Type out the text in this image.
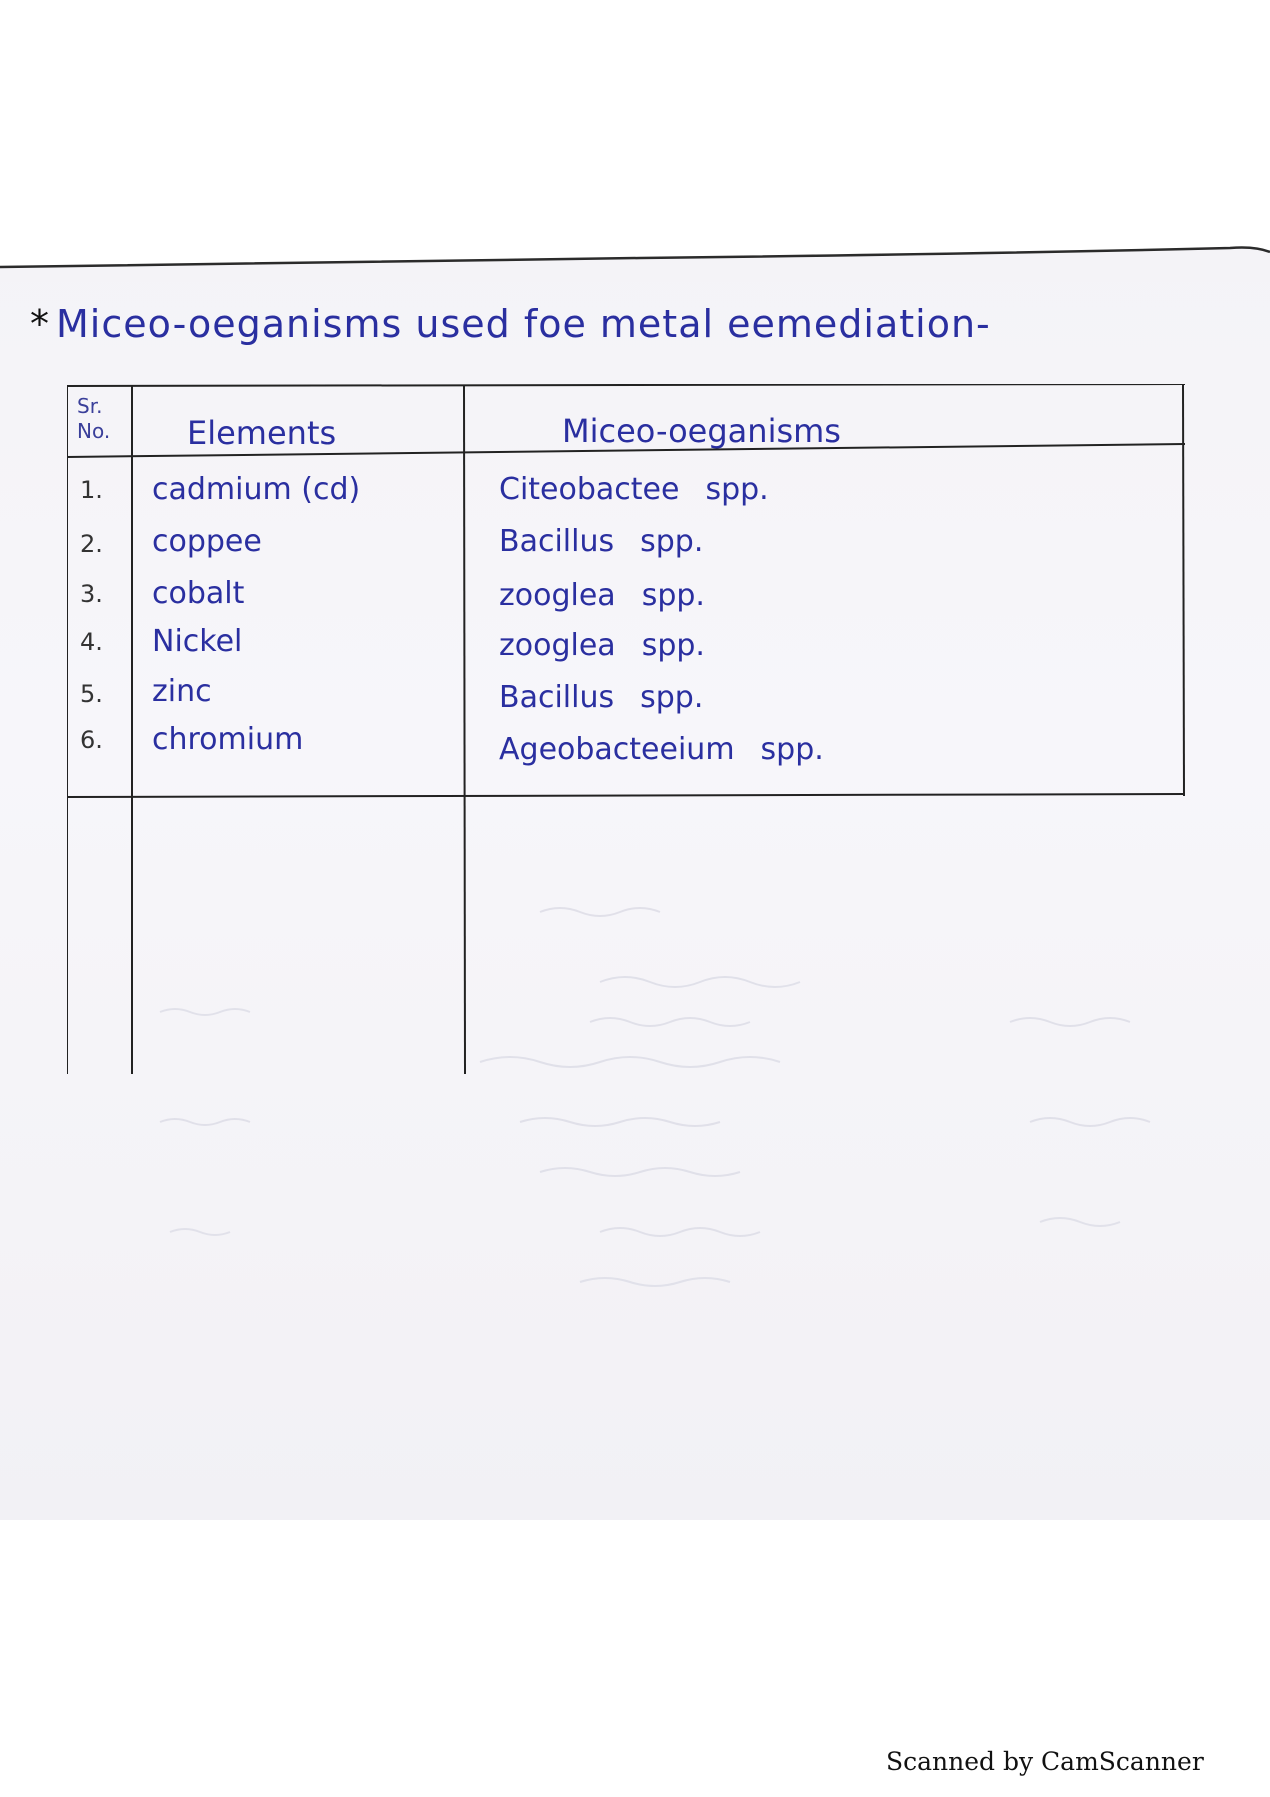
* Miceo-oeganisms used foe metal eemediation-
Sr.
No. Elements	Miceo-oeganisms
1. cadmium (cd)	Citeobactee spp.
2. coppee	Bacillus spp.
3. cobalt	zooglea spp.
4. Nickel	zooglea spp.
5. zinc	Bacillus spp.
6. chromium	Ageobacteeium spp.
Scanned by CamScanner
